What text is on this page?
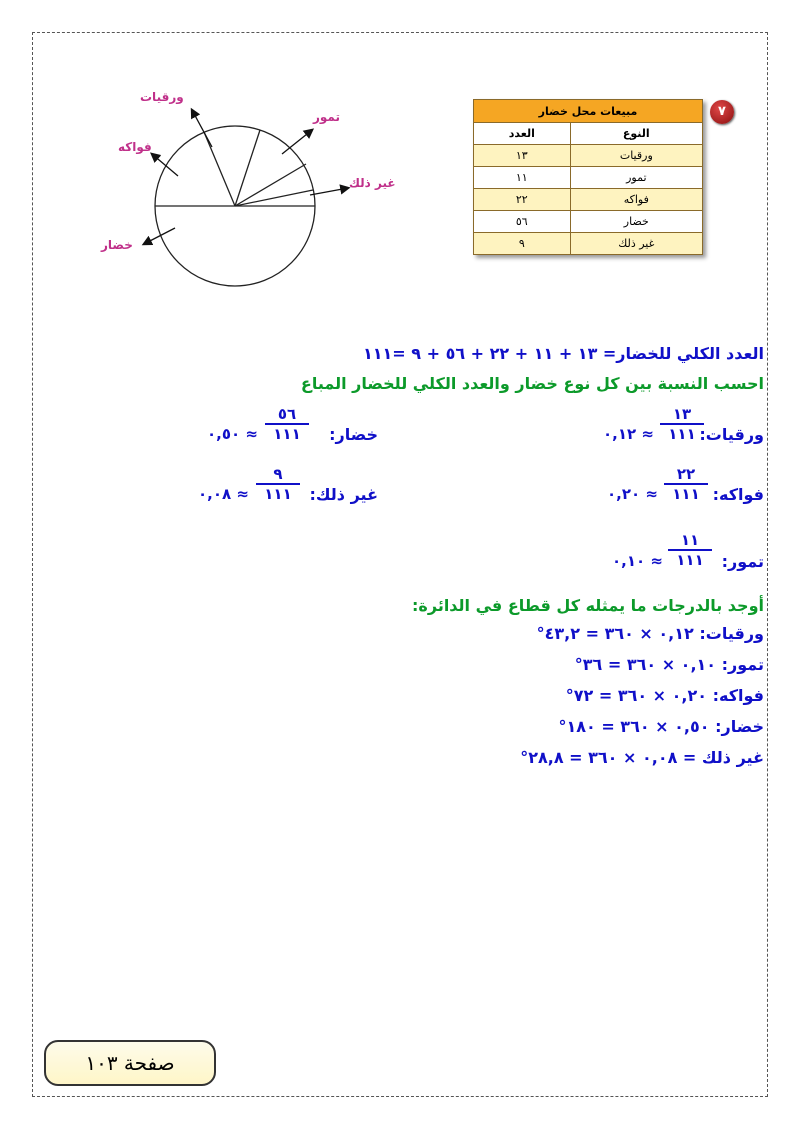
ورقيات
تمور
فواكه
غير ذلك
خضار
٧
مبيعات محل خضار	
النوع	العدد
ورقيات	١٣
تمور	١١
فواكه	٢٢
خضار	٥٦
غير ذلك	٩
العدد الكلي للخضار= ١٣ + ١١ + ٢٢ + ٥٦ + ٩ =١١١
احسب النسبة بين كل نوع خضار والعدد الكلي للخضار المباع
ورقيات:
١٣
١١١
≈ ٠,١٢
خضار:
٥٦
١١١
≈ ٠,٥٠
فواكه:
٢٢
١١١
≈ ٠,٢٠
غير ذلك:
٩
١١١
≈ ٠,٠٨
تمور:
١١
١١١
≈ ٠,١٠
أوجد بالدرجات ما يمثله كل قطاع في الدائرة:
ورقيات: ٠,١٢ × ٣٦٠ = ٤٣,٢°
تمور: ٠,١٠ × ٣٦٠ = ٣٦°
فواكه: ٠,٢٠ × ٣٦٠ = ٧٢°
خضار: ٠,٥٠ × ٣٦٠ = ١٨٠°
غير ذلك = ٠,٠٨ × ٣٦٠ = ٢٨,٨°
صفحة ١٠٣
